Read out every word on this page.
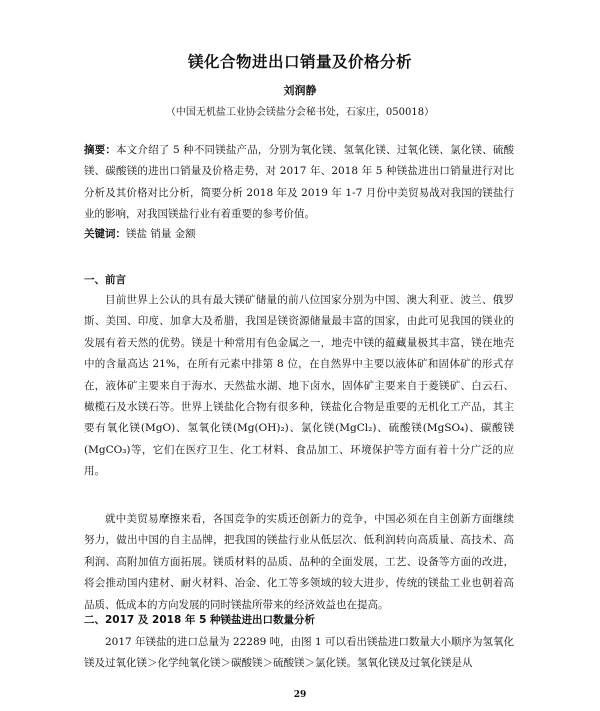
镁化合物进出口销量及价格分析
刘润静
（中国无机盐工业协会镁盐分会秘书处，石家庄，050018）
摘要：本文介绍了 5 种不同镁盐产品，分别为氧化镁、氢氧化镁、过氧化镁、氯化镁、硫酸镁、碳酸镁的进出口销量及价格走势，对 2017 年、2018 年 5 种镁盐进出口销量进行对比分析及其价格对比分析，简要分析 2018 年及 2019 年 1-7 月份中美贸易战对我国的镁盐行业的影响，对我国镁盐行业有着重要的参考价值。
关键词：镁盐 销量 金额
一、前言
目前世界上公认的具有最大镁矿储量的前八位国家分别为中国、澳大利亚、波兰、俄罗斯、美国、印度、加拿大及希腊，我国是镁资源储量最丰富的国家，由此可见我国的镁业的发展有着天然的优势。镁是十种常用有色金属之一，地壳中镁的蕴藏量极其丰富，镁在地壳中的含量高达 21%，在所有元素中排第 8 位，在自然界中主要以液体矿和固体矿的形式存在，液体矿主要来自于海水、天然盐水湖、地下卤水，固体矿主要来自于菱镁矿、白云石、橄榄石及水镁石等。世界上镁盐化合物有很多种，镁盐化合物是重要的无机化工产品，其主要有氧化镁(MgO)、氢氧化镁(Mg(OH)₂)、氯化镁(MgCl₂)、硫酸镁(MgSO₄)、碳酸镁(MgCO₃)等，它们在医疗卫生、化工材料、食品加工、环境保护等方面有着十分广泛的应用。
就中美贸易摩擦来看，各国竞争的实质还创新力的竞争，中国必须在自主创新方面继续努力，做出中国的自主品牌，把我国的镁盐行业从低层次、低利润转向高质量、高技术、高利润、高附加值方面拓展。镁质材料的品质、品种的全面发展，工艺、设备等方面的改进，将会推动国内建材、耐火材料、冶金、化工等多领域的较大进步，传统的镁盐工业也朝着高品质、低成本的方向发展的同时镁盐所带来的经济效益也在提高。
二、2017 及 2018 年 5 种镁盐进出口数量分析
2017 年镁盐的进口总量为 22289 吨，由图 1 可以看出镁盐进口数量大小顺序为氢氧化镁及过氧化镁＞化学纯氧化镁＞碳酸镁＞硫酸镁＞氯化镁。氢氧化镁及过氧化镁是从
29
